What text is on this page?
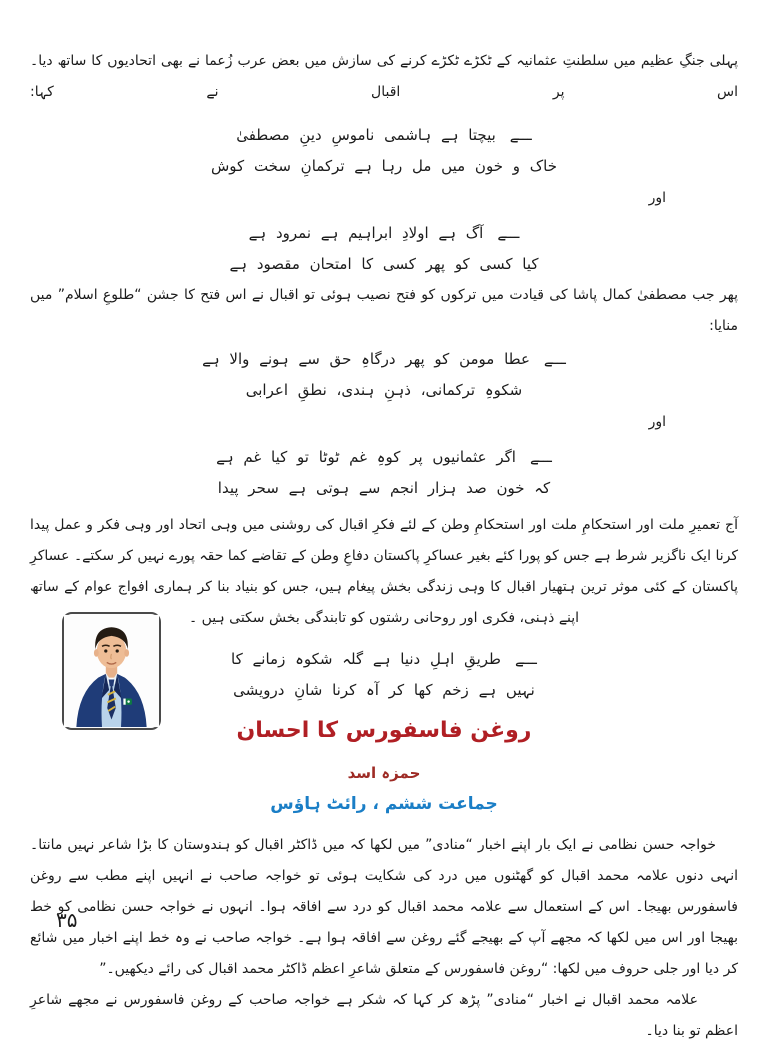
پہلی جنگِ عظیم میں سلطنتِ عثمانیہ کے ٹکڑے ٹکڑے کرنے کی سازش میں بعض عرب زُعما نے بھی اتحادیوں کا ساتھ دیا۔ اس پر اقبال نے کہا:

ـــےبیچتا ہے ہاشمی ناموسِ دینِ مصطفیٰ
خاک و خون میں مل رہا ہے ترکمانِ سخت کوش
اور
ـــےآگ ہے اولادِ ابراہیم ہے نمرود ہے
کیا کسی کو پھر کسی کا امتحان مقصود ہے

پھر جب مصطفیٰ کمال پاشا کی قیادت میں ترکوں کو فتح نصیب ہوئی تو اقبال نے اس فتح کا جشن “طلوعِ اسلام” میں منایا:

ـــےعطا مومن کو پھر درگاہِ حق سے ہونے والا ہے
شکوہِ ترکمانی، ذہنِ ہندی، نطقِ اعرابی
اور
ـــےاگر عثمانیوں پر کوہِ غم ٹوٹا تو کیا غم ہے
کہ خون صد ہزار انجم سے ہوتی ہے سحر پیدا

آج تعمیرِ ملت اور استحکامِ ملت اور استحکامِ وطن کے لئے فکرِ اقبال کی روشنی میں وہی اتحاد اور وہی فکر و عمل پیدا کرنا ایک ناگزیر شرط ہے جس کو پورا کئے بغیر عساکرِ پاکستان دفاعِ وطن کے تقاضے کما حقہ پورے نہیں کر سکتے۔ عساکرِ پاکستان کے کئی موثر ترین ہتھیار اقبال کا وہی زندگی بخش پیغام ہیں، جس کو بنیاد بنا کر ہماری افواج عوام کے ساتھ اپنے ذہنی، فکری اور روحانی رشتوں کو تابندگی بخش سکتی ہیں ۔

ـــےطریقِ اہلِ دنیا ہے گلہ شکوہ زمانے کا
نہیں ہے زخم کھا کر آہ کرنا شانِ درویشی
روغن فاسفورس کا احسان
حمزہ اسد
جماعت ششم ، رائٹ ہاؤس

خواجہ حسن نظامی نے ایک بار اپنے اخبار “منادی” میں لکھا کہ میں ڈاکٹر اقبال کو ہندوستان کا بڑا شاعر نہیں مانتا۔ انہی دنوں علامہ محمد اقبال کو گھٹنوں میں درد کی شکایت ہوئی تو خواجہ صاحب نے انہیں اپنے مطب سے روغن فاسفورس بھیجا۔ اس کے استعمال سے علامہ محمد اقبال کو درد سے افاقہ ہوا۔ انہوں نے خواجہ حسن نظامی کو خط بھیجا اور اس میں لکھا کہ مجھے آپ کے بھیجے گئے روغن سے افاقہ ہوا ہے۔ خواجہ صاحب نے وہ خط اپنے اخبار میں شائع کر دیا اور جلی حروف میں لکھا: “روغن فاسفورس کے متعلق شاعرِ اعظم ڈاکٹر محمد اقبال کی رائے دیکھیں۔”

علامہ محمد اقبال نے اخبار “منادی” پڑھ کر کہا کہ شکر ہے خواجہ صاحب کے روغن فاسفورس نے مجھے شاعرِ اعظم تو بنا دیا۔

۳۵
